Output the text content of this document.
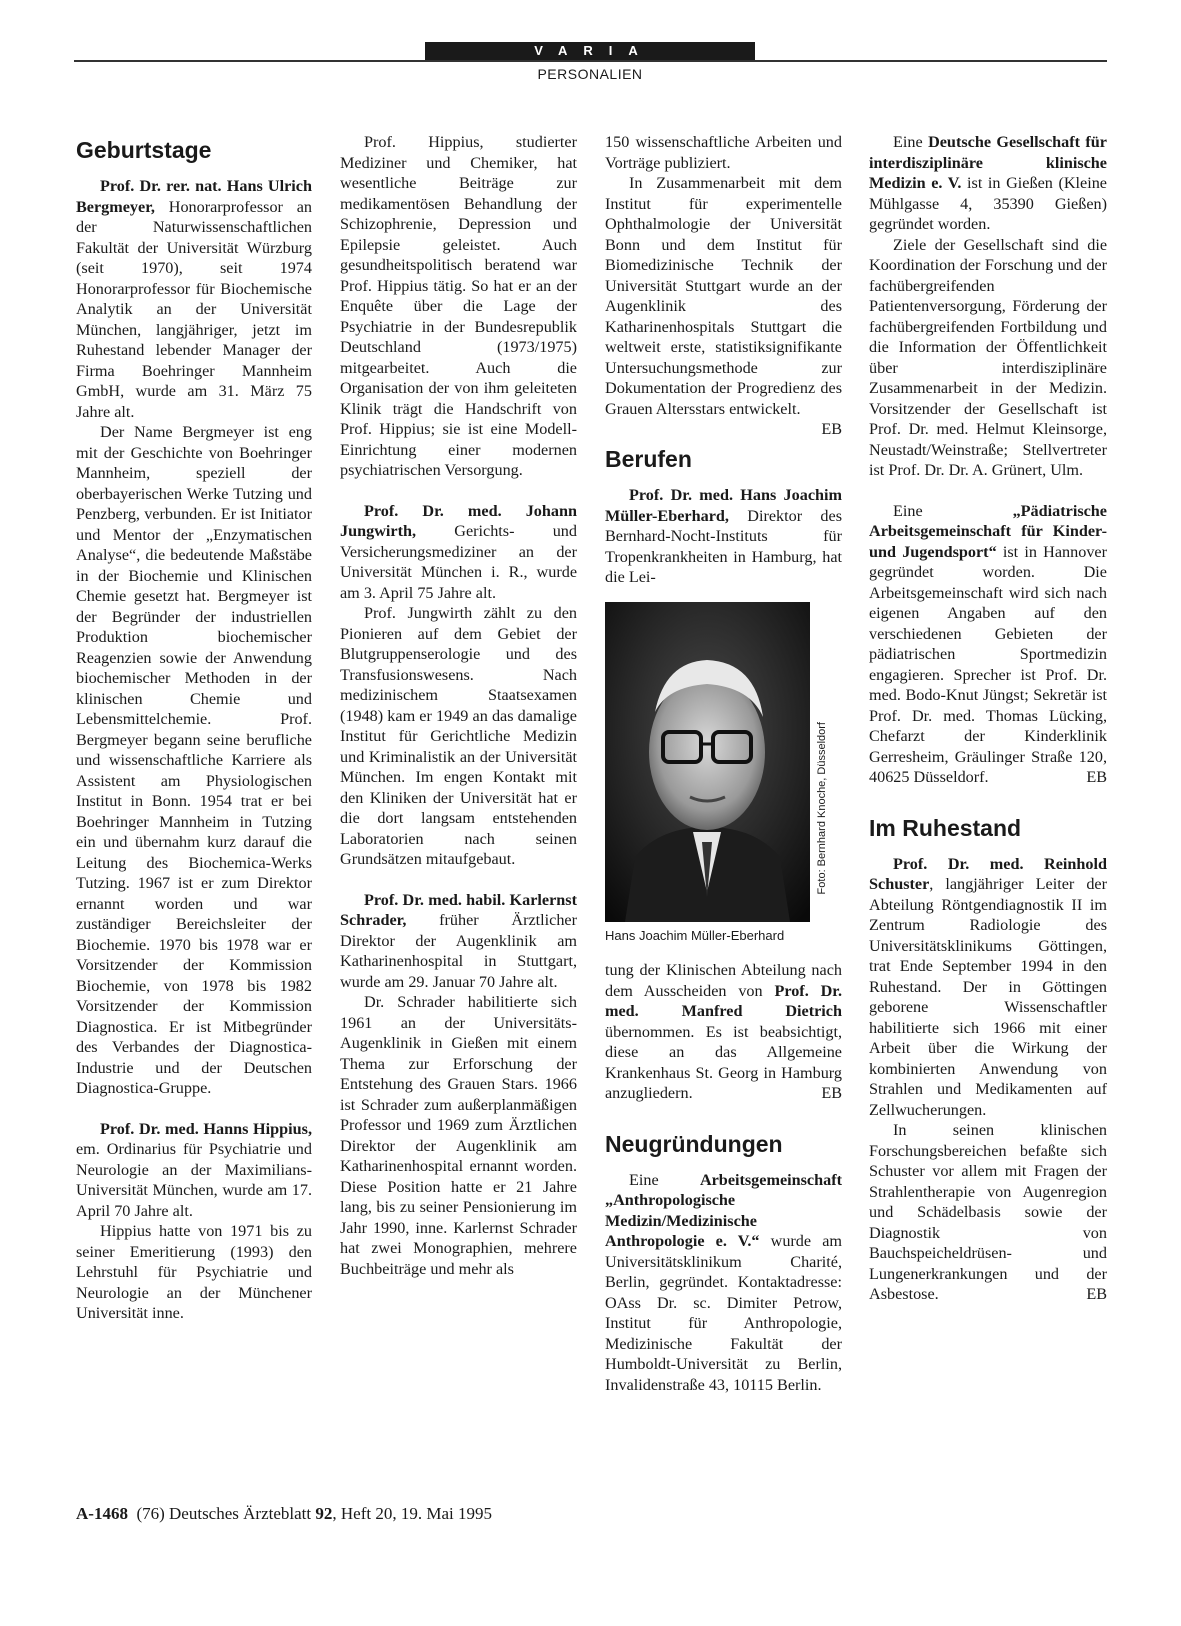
VARIA
PERSONALIEN
Geburtstage

Prof. Dr. rer. nat. Hans Ulrich Bergmeyer, Honorarprofessor an der Naturwissenschaftlichen Fakultät der Universität Würzburg (seit 1970), seit 1974 Honorarprofessor für Biochemische Analytik an der Universität München, langjähriger, jetzt im Ruhestand lebender Manager der Firma Boehringer Mannheim GmbH, wurde am 31. März 75 Jahre alt.

Der Name Bergmeyer ist eng mit der Geschichte von Boehringer Mannheim, speziell der oberbayerischen Werke Tutzing und Penzberg, verbunden. Er ist Initiator und Mentor der „Enzymatischen Analyse“, die bedeutende Maßstäbe in der Biochemie und Klinischen Chemie gesetzt hat. Bergmeyer ist der Begründer der industriellen Produktion biochemischer Reagenzien sowie der Anwendung biochemischer Methoden in der klinischen Chemie und Lebensmittelchemie. Prof. Bergmeyer begann seine berufliche und wissenschaftliche Karriere als Assistent am Physiologischen Institut in Bonn. 1954 trat er bei Boehringer Mannheim in Tutzing ein und übernahm kurz darauf die Leitung des Biochemica-Werks Tutzing. 1967 ist er zum Direktor ernannt worden und war zuständiger Bereichsleiter der Biochemie. 1970 bis 1978 war er Vorsitzender der Kommission Biochemie, von 1978 bis 1982 Vorsitzender der Kommission Diagnostica. Er ist Mitbegründer des Verbandes der Diagnostica-Industrie und der Deutschen Diagnostica-Gruppe.

Prof. Dr. med. Hanns Hippius, em. Ordinarius für Psychiatrie und Neurologie an der Maximilians-Universität München, wurde am 17. April 70 Jahre alt.

Hippius hatte von 1971 bis zu seiner Emeritierung (1993) den Lehrstuhl für Psychiatrie und Neurologie an der Münchener Universität inne.

Prof. Hippius, studierter Mediziner und Chemiker, hat wesentliche Beiträge zur medikamentösen Behandlung der Schizophrenie, Depression und Epilepsie geleistet. Auch gesundheitspolitisch beratend war Prof. Hippius tätig. So hat er an der Enquête über die Lage der Psychiatrie in der Bundesrepublik Deutschland (1973/1975) mitgearbeitet. Auch die Organisation der von ihm geleiteten Klinik trägt die Handschrift von Prof. Hippius; sie ist eine Modell-Einrichtung einer modernen psychiatrischen Versorgung.

Prof. Dr. med. Johann Jungwirth, Gerichts- und Versicherungsmediziner an der Universität München i. R., wurde am 3. April 75 Jahre alt.

Prof. Jungwirth zählt zu den Pionieren auf dem Gebiet der Blutgruppenserologie und des Transfusionswesens. Nach medizinischem Staatsexamen (1948) kam er 1949 an das damalige Institut für Gerichtliche Medizin und Kriminalistik an der Universität München. Im engen Kontakt mit den Kliniken der Universität hat er die dort langsam entstehenden Laboratorien nach seinen Grundsätzen mitaufgebaut.

Prof. Dr. med. habil. Karlernst Schrader, früher Ärztlicher Direktor der Augenklinik am Katharinenhospital in Stuttgart, wurde am 29. Januar 70 Jahre alt.

Dr. Schrader habilitierte sich 1961 an der Universitäts-Augenklinik in Gießen mit einem Thema zur Erforschung der Entstehung des Grauen Stars. 1966 ist Schrader zum außerplanmäßigen Professor und 1969 zum Ärztlichen Direktor der Augenklinik am Katharinenhospital ernannt worden. Diese Position hatte er 21 Jahre lang, bis zu seiner Pensionierung im Jahr 1990, inne. Karlernst Schrader hat zwei Monographien, mehrere Buchbeiträge und mehr als

150 wissenschaftliche Arbeiten und Vorträge publiziert.

In Zusammenarbeit mit dem Institut für experimentelle Ophthalmologie der Universität Bonn und dem Institut für Biomedizinische Technik der Universität Stuttgart wurde an der Augenklinik des Katharinenhospitals Stuttgart die weltweit erste, statistiksignifikante Untersuchungsmethode zur Dokumentation der Progredienz des Grauen Altersstars entwickelt.
EB

Berufen

Prof. Dr. med. Hans Joachim Müller-Eberhard, Direktor des Bernhard-Nocht-Instituts für Tropenkrankheiten in Hamburg, hat die Lei-

Foto: Bernhard Knoche, Düsseldorf
Hans Joachim Müller-Eberhard

tung der Klinischen Abteilung nach dem Ausscheiden von Prof. Dr. med. Manfred Dietrich übernommen. Es ist beabsichtigt, diese an das Allgemeine Krankenhaus St. Georg in Hamburg anzugliedern.	EB

Neugründungen

Eine Arbeitsgemeinschaft „Anthropologische Medizin/Medizinische Anthropologie e. V.“ wurde am Universitätsklinikum Charité, Berlin, gegründet. Kontaktadresse: OAss Dr. sc. Dimiter Petrow, Institut für Anthropologie, Medizinische Fakultät der Humboldt-Universität zu Berlin, Invalidenstraße 43, 10115 Berlin.

Eine Deutsche Gesellschaft für interdisziplinäre klinische Medizin e. V. ist in Gießen (Kleine Mühlgasse 4, 35390 Gießen) gegründet worden.

Ziele der Gesellschaft sind die Koordination der Forschung und der fachübergreifenden Patientenversorgung, Förderung der fachübergreifenden Fortbildung und die Information der Öffentlichkeit über interdisziplinäre Zusammenarbeit in der Medizin. Vorsitzender der Gesellschaft ist Prof. Dr. med. Helmut Kleinsorge, Neustadt/Weinstraße; Stellvertreter ist Prof. Dr. Dr. A. Grünert, Ulm.

Eine „Pädiatrische Arbeitsgemeinschaft für Kinder- und Jugendsport“ ist in Hannover gegründet worden. Die Arbeitsgemeinschaft wird sich nach eigenen Angaben auf den verschiedenen Gebieten der pädiatrischen Sportmedizin engagieren. Sprecher ist Prof. Dr. med. Bodo-Knut Jüngst; Sekretär ist Prof. Dr. med. Thomas Lücking, Chefarzt der Kinderklinik Gerresheim, Gräulinger Straße 120, 40625 Düsseldorf.	EB

Im Ruhestand

Prof. Dr. med. Reinhold Schuster, langjähriger Leiter der Abteilung Röntgendiagnostik II im Zentrum Radiologie des Universitätsklinikums Göttingen, trat Ende September 1994 in den Ruhestand. Der in Göttingen geborene Wissenschaftler habilitierte sich 1966 mit einer Arbeit über die Wirkung der kombinierten Anwendung von Strahlen und Medikamenten auf Zellwucherungen.

In seinen klinischen Forschungsbereichen befaßte sich Schuster vor allem mit Fragen der Strahlentherapie von Augenregion und Schädelbasis sowie der Diagnostik von Bauchspeicheldrüsen- und Lungenerkrankungen und der Asbestose.	EB

A-1468  (76) Deutsches Ärzteblatt 92, Heft 20, 19. Mai 1995
